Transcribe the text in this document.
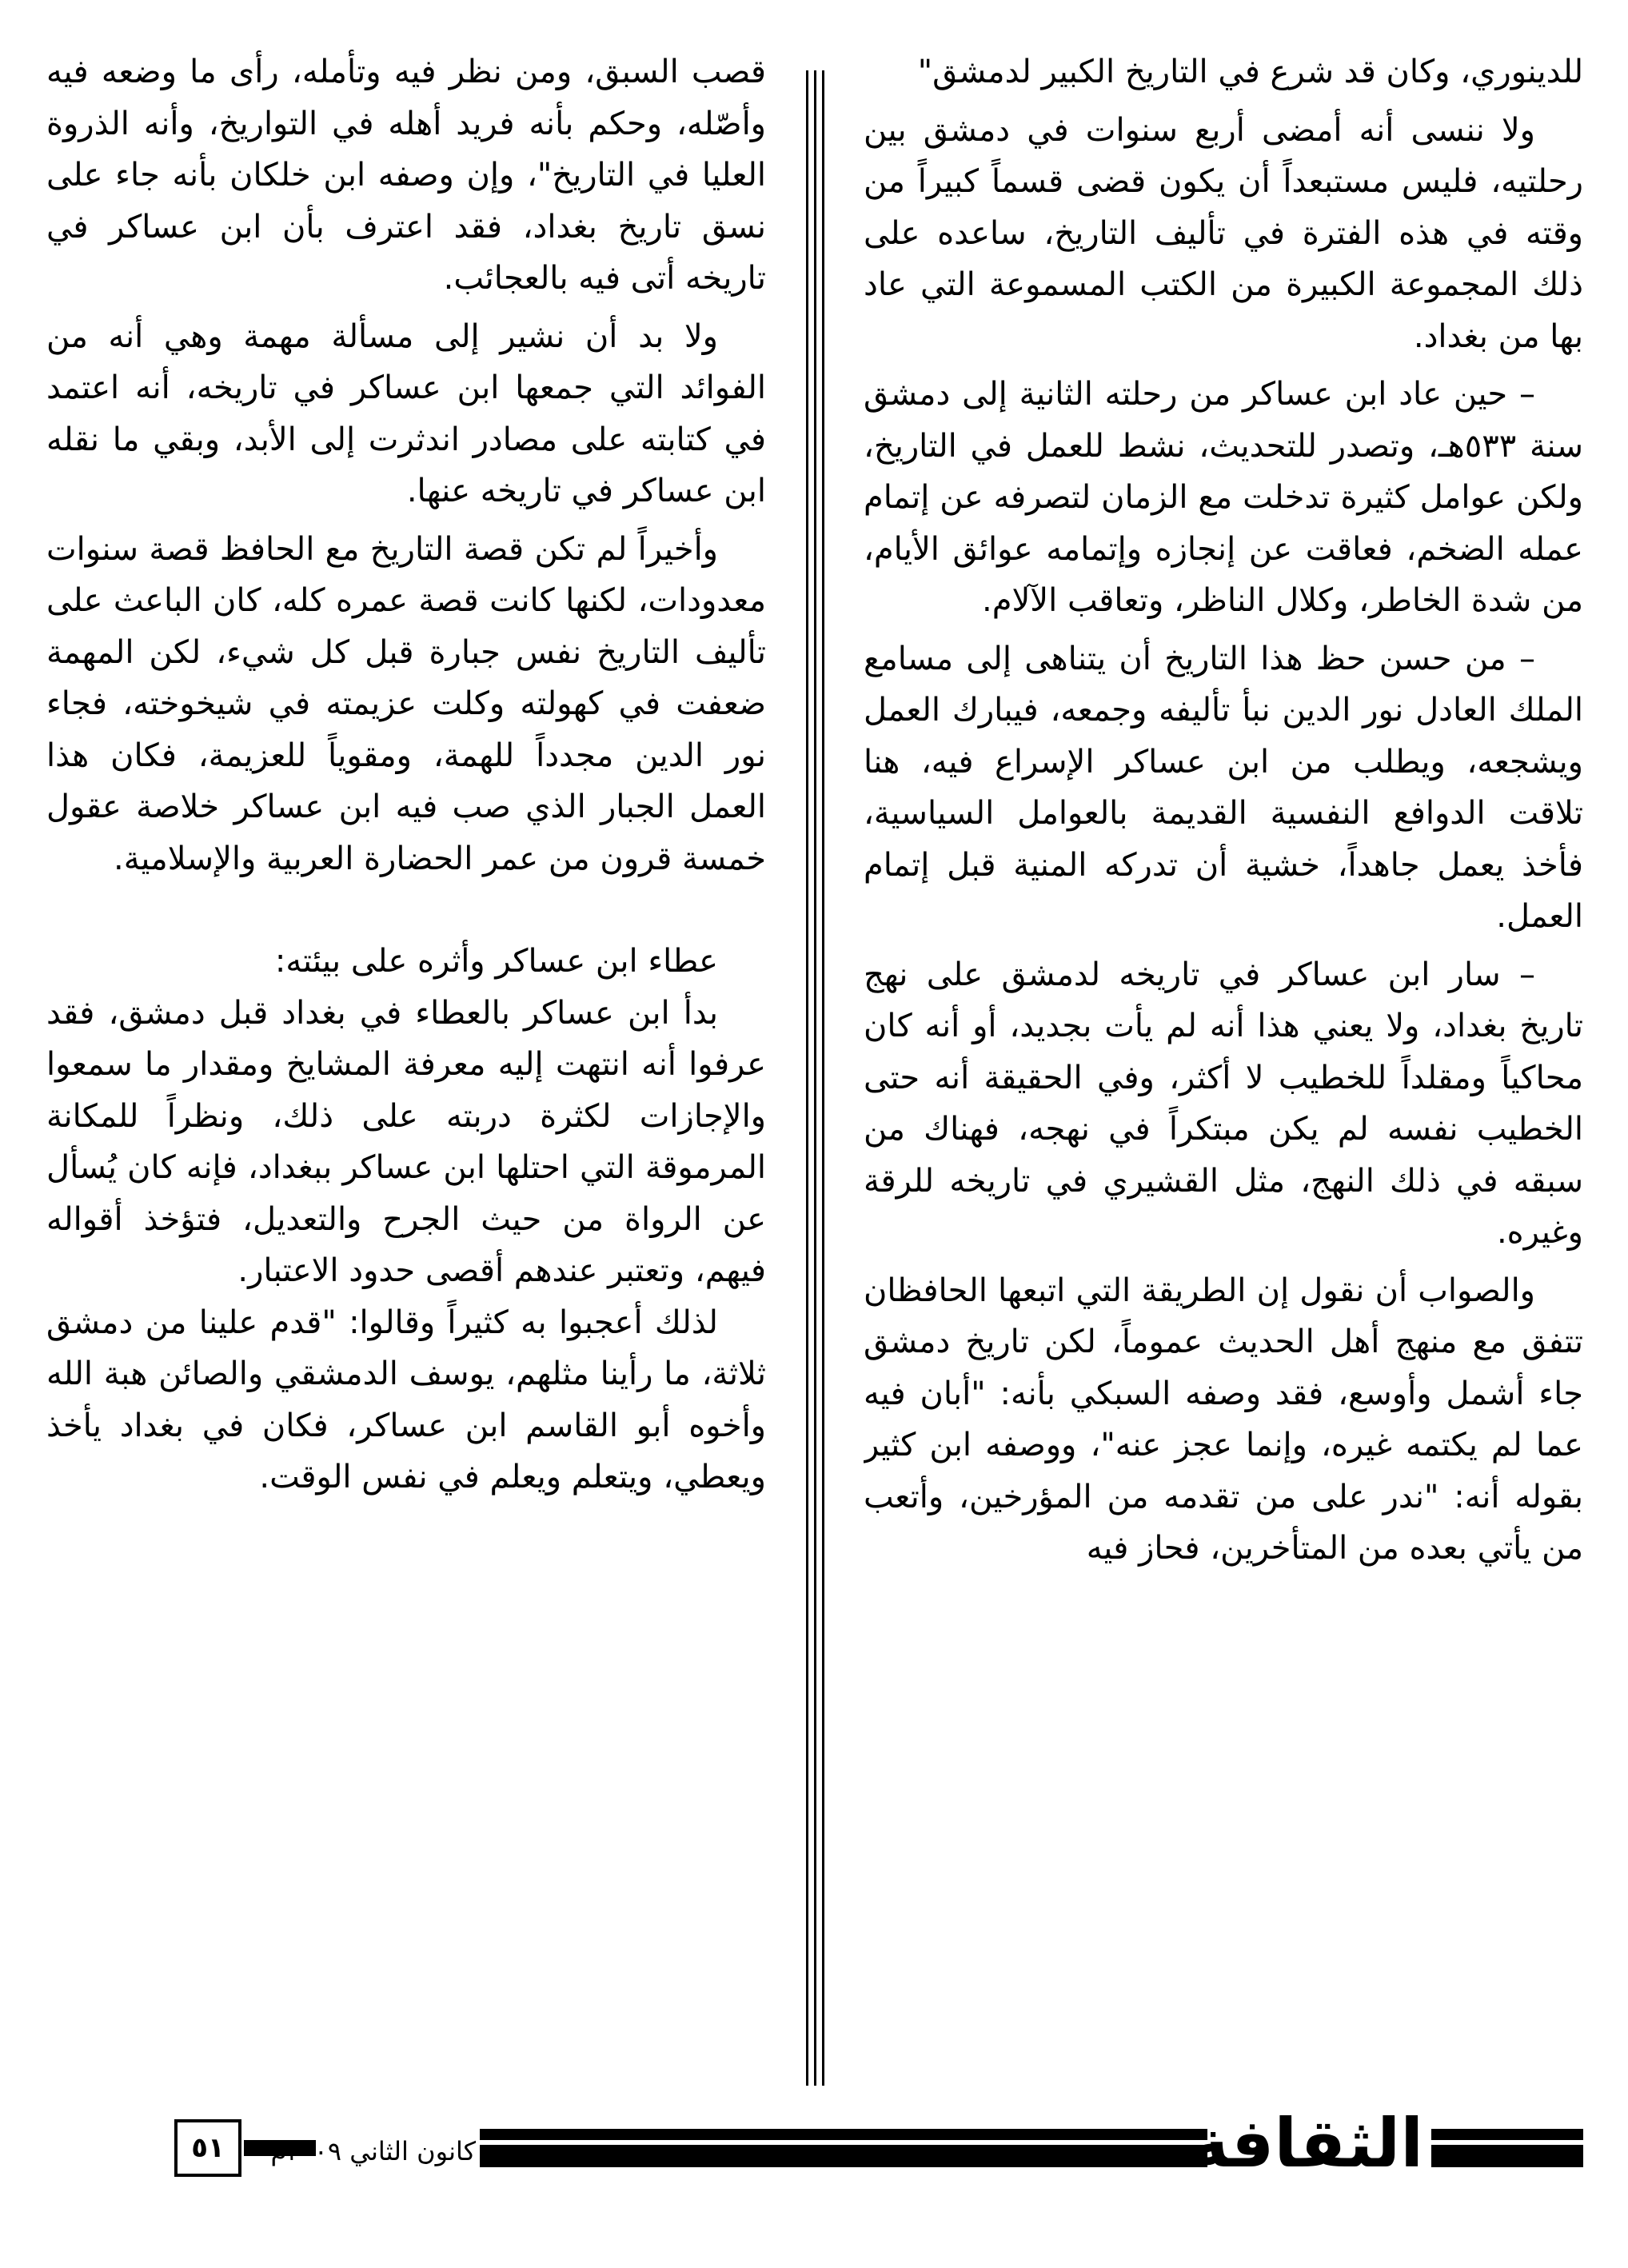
للدينوري، وكان قد شرع في التاريخ الكبير لدمشق"

ولا ننسى أنه أمضى أربع سنوات في دمشق بين رحلتيه، فليس مستبعداً أن يكون قضى قسماً كبيراً من وقته في هذه الفترة في تأليف التاريخ، ساعده على ذلك المجموعة الكبيرة من الكتب المسموعة التي عاد بها من بغداد.

– حين عاد ابن عساكر من رحلته الثانية إلى دمشق سنة ٥٣٣هـ، وتصدر للتحديث، نشط للعمل في التاريخ، ولكن عوامل كثيرة تدخلت مع الزمان لتصرفه عن إتمام عمله الضخم، فعاقت عن إنجازه وإتمامه عوائق الأيام، من شدة الخاطر، وكلال الناظر، وتعاقب الآلام.

– من حسن حظ هذا التاريخ أن يتناهى إلى مسامع الملك العادل نور الدين نبأ تأليفه وجمعه، فيبارك العمل ويشجعه، ويطلب من ابن عساكر الإسراع فيه، هنا تلاقت الدوافع النفسية القديمة بالعوامل السياسية، فأخذ يعمل جاهداً، خشية أن تدركه المنية قبل إتمام العمل.

– سار ابن عساكر في تاريخه لدمشق على نهج تاريخ بغداد، ولا يعني هذا أنه لم يأت بجديد، أو أنه كان محاكياً ومقلداً للخطيب لا أكثر، وفي الحقيقة أنه حتى الخطيب نفسه لم يكن مبتكراً في نهجه، فهناك من سبقه في ذلك النهج، مثل القشيري في تاريخه للرقة وغيره.

والصواب أن نقول إن الطريقة التي اتبعها الحافظان تتفق مع منهج أهل الحديث عموماً، لكن تاريخ دمشق جاء أشمل وأوسع، فقد وصفه السبكي بأنه: "أبان فيه عما لم يكتمه غيره، وإنما عجز عنه"، ووصفه ابن كثير بقوله أنه: "ندر على من تقدمه من المؤرخين، وأتعب من يأتي بعده من المتأخرين، فحاز فيه

قصب السبق، ومن نظر فيه وتأمله، رأى ما وضعه فيه وأصّله، وحكم بأنه فريد أهله في التواريخ، وأنه الذروة العليا في التاريخ"، وإن وصفه ابن خلكان بأنه جاء على نسق تاريخ بغداد، فقد اعترف بأن ابن عساكر في تاريخه أتى فيه بالعجائب.

ولا بد أن نشير إلى مسألة مهمة وهي أنه من الفوائد التي جمعها ابن عساكر في تاريخه، أنه اعتمد في كتابته على مصادر اندثرت إلى الأبد، وبقي ما نقله ابن عساكر في تاريخه عنها.

وأخيراً لم تكن قصة التاريخ مع الحافظ قصة سنوات معدودات، لكنها كانت قصة عمره كله، كان الباعث على تأليف التاريخ نفس جبارة قبل كل شيء، لكن المهمة ضعفت في كهولته وكلت عزيمته في شيخوخته، فجاء نور الدين مجدداً للهمة، ومقوياً للعزيمة، فكان هذا العمل الجبار الذي صب فيه ابن عساكر خلاصة عقول خمسة قرون من عمر الحضارة العربية والإسلامية.

عطاء ابن عساكر وأثره على بيئته:

بدأ ابن عساكر بالعطاء في بغداد قبل دمشق، فقد عرفوا أنه انتهت إليه معرفة المشايخ ومقدار ما سمعوا والإجازات لكثرة دربته على ذلك، ونظراً للمكانة المرموقة التي احتلها ابن عساكر ببغداد، فإنه كان يُسأل عن الرواة من حيث الجرح والتعديل، فتؤخذ أقواله فيهم، وتعتبر عندهم أقصى حدود الاعتبار.

لذلك أعجبوا به كثيراً وقالوا: "قدم علينا من دمشق ثلاثة، ما رأينا مثلهم، يوسف الدمشقي والصائن هبة الله وأخوه أبو القاسم ابن عساكر، فكان في بغداد يأخذ ويعطي، ويتعلم ويعلم في نفس الوقت.

الثقافة
كانون الثاني ٢٠٠٩م
٥١
